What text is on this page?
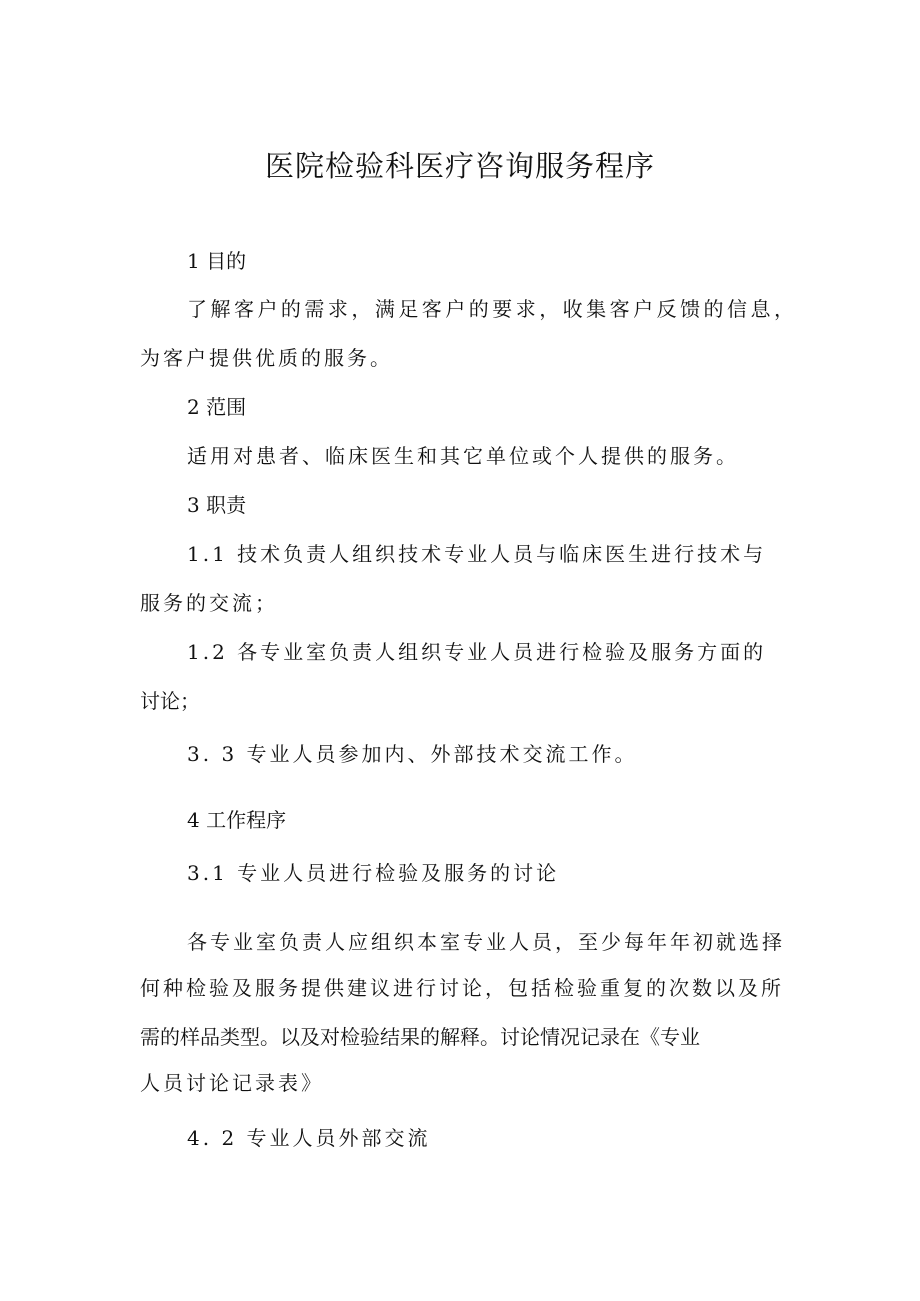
医院检验科医疗咨询服务程序
1 目的
了解客户的需求，满足客户的要求，收集客户反馈的信息，
为客户提供优质的服务。
2 范围
适用对患者、临床医生和其它单位或个人提供的服务。
3 职责
1.1 技术负责人组织技术专业人员与临床医生进行技术与
服务的交流；
1.2 各专业室负责人组织专业人员进行检验及服务方面的
讨论；
3. 3 专业人员参加内、外部技术交流工作。
4 工作程序
3.1 专业人员进行检验及服务的讨论
各专业室负责人应组织本室专业人员，至少每年年初就选择
何种检验及服务提供建议进行讨论，包括检验重复的次数以及所
需的样品类型。以及对检验结果的解释。讨论情况记录在《专业
人员讨论记录表》
4. 2 专业人员外部交流
